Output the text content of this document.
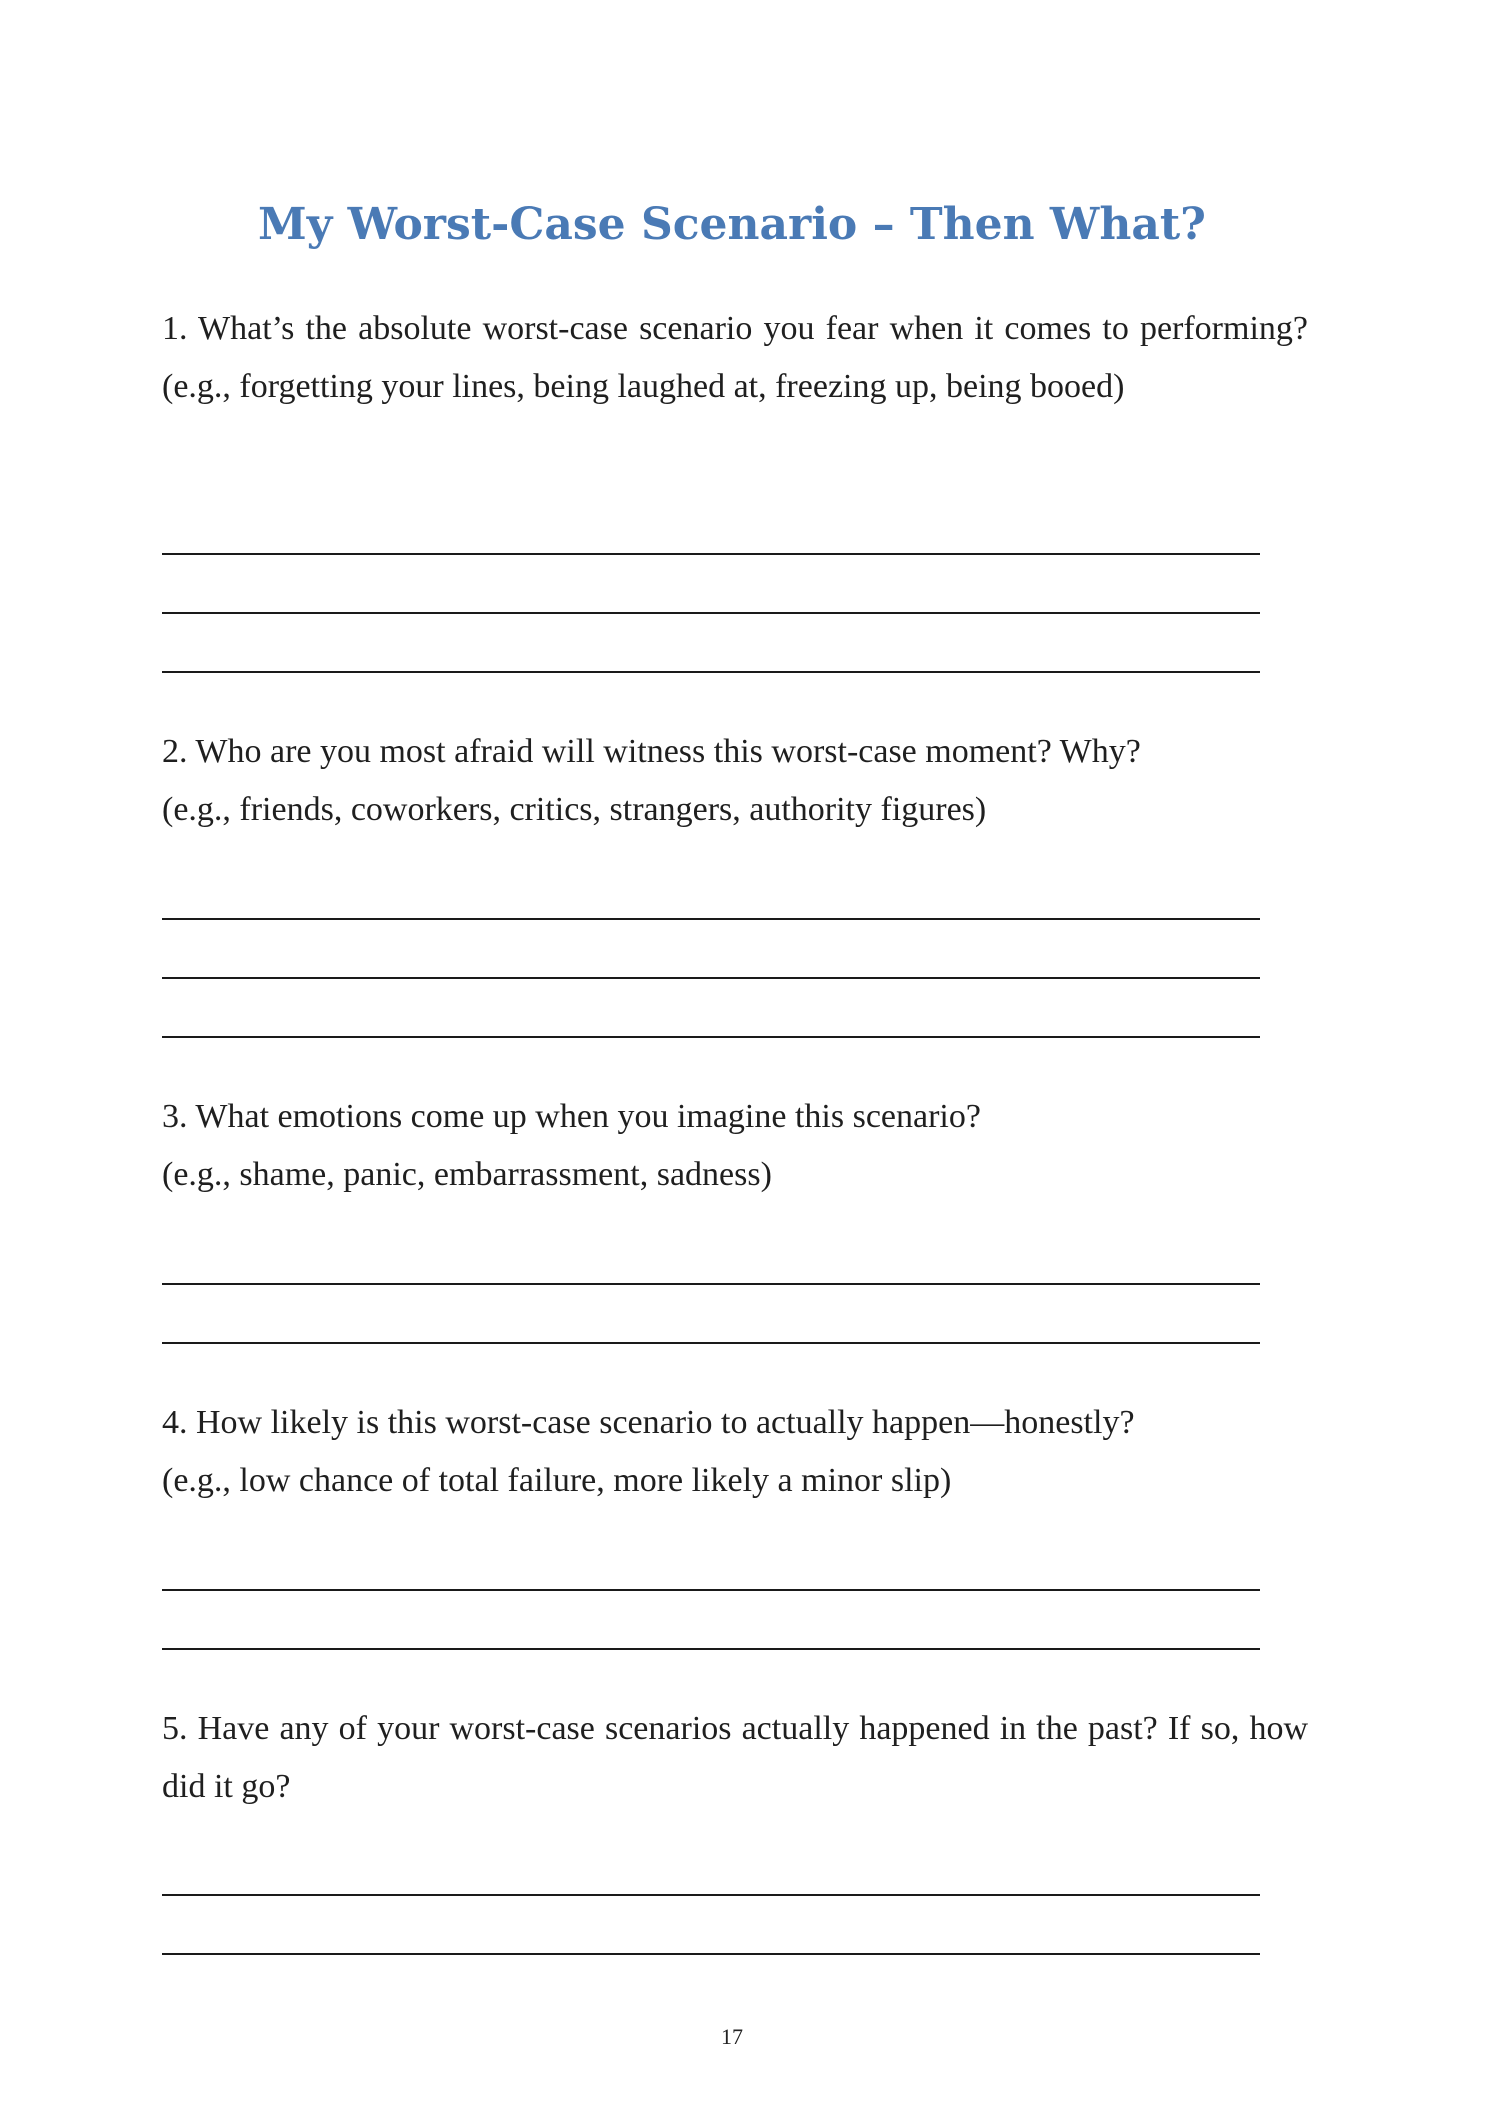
My Worst-Case Scenario – Then What?

1. What’s the absolute worst-case scenario you fear when it comes to performing? (e.g., forgetting your lines, being laughed at, freezing up, being booed)

2. Who are you most afraid will witness this worst-case moment? Why?

(e.g., friends, coworkers, critics, strangers, authority figures)

3. What emotions come up when you imagine this scenario?

(e.g., shame, panic, embarrassment, sadness)

4. How likely is this worst-case scenario to actually happen—honestly?

(e.g., low chance of total failure, more likely a minor slip)

5. Have any of your worst-case scenarios actually happened in the past? If so, how did it go?

17
